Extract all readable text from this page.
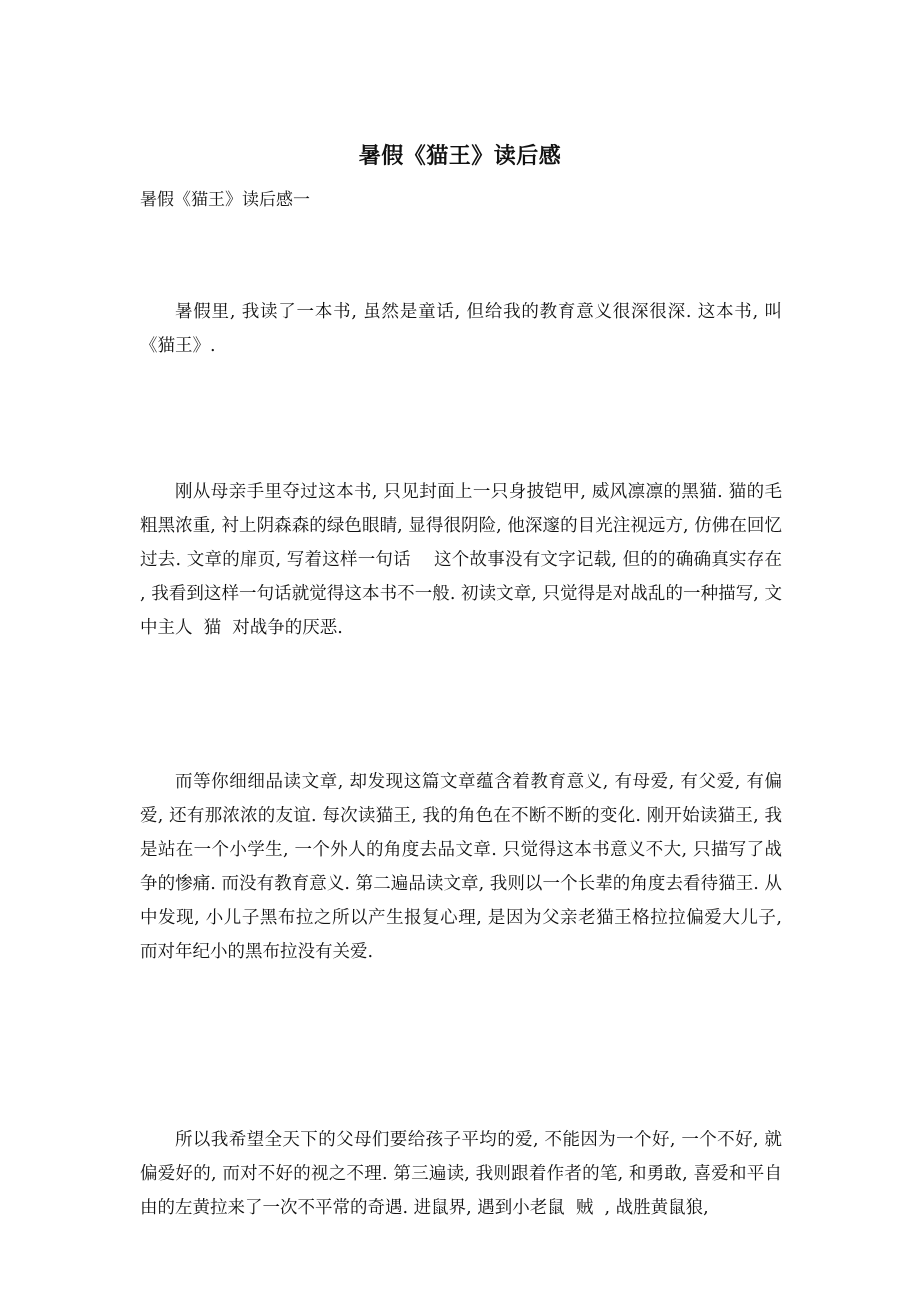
暑假《猫王》读后感
暑假《猫王》读后感一

暑假里, 我读了一本书, 虽然是童话, 但给我的教育意义很深很深. 这本书, 叫《猫王》.

刚从母亲手里夺过这本书, 只见封面上一只身披铠甲, 威风凛凛的黑猫. 猫的毛粗黑浓重, 衬上阴森森的绿色眼睛, 显得很阴险, 他深邃的目光注视远方, 仿佛在回忆过去. 文章的扉页, 写着这样一句话    这个故事没有文字记载, 但的的确确真实存在    , 我看到这样一句话就觉得这本书不一般. 初读文章, 只觉得是对战乱的一种描写, 文中主人  猫  对战争的厌恶.

而等你细细品读文章, 却发现这篇文章蕴含着教育意义, 有母爱, 有父爱, 有偏爱, 还有那浓浓的友谊. 每次读猫王, 我的角色在不断不断的变化. 刚开始读猫王, 我是站在一个小学生, 一个外人的角度去品文章. 只觉得这本书意义不大, 只描写了战争的惨痛. 而没有教育意义. 第二遍品读文章, 我则以一个长辈的角度去看待猫王. 从中发现, 小儿子黑布拉之所以产生报复心理, 是因为父亲老猫王格拉拉偏爱大儿子, 而对年纪小的黑布拉没有关爱.

所以我希望全天下的父母们要给孩子平均的爱, 不能因为一个好, 一个不好, 就偏爱好的, 而对不好的视之不理. 第三遍读, 我则跟着作者的笔, 和勇敢, 喜爱和平自由的左黄拉来了一次不平常的奇遇. 进鼠界, 遇到小老鼠  贼  , 战胜黄鼠狼,
